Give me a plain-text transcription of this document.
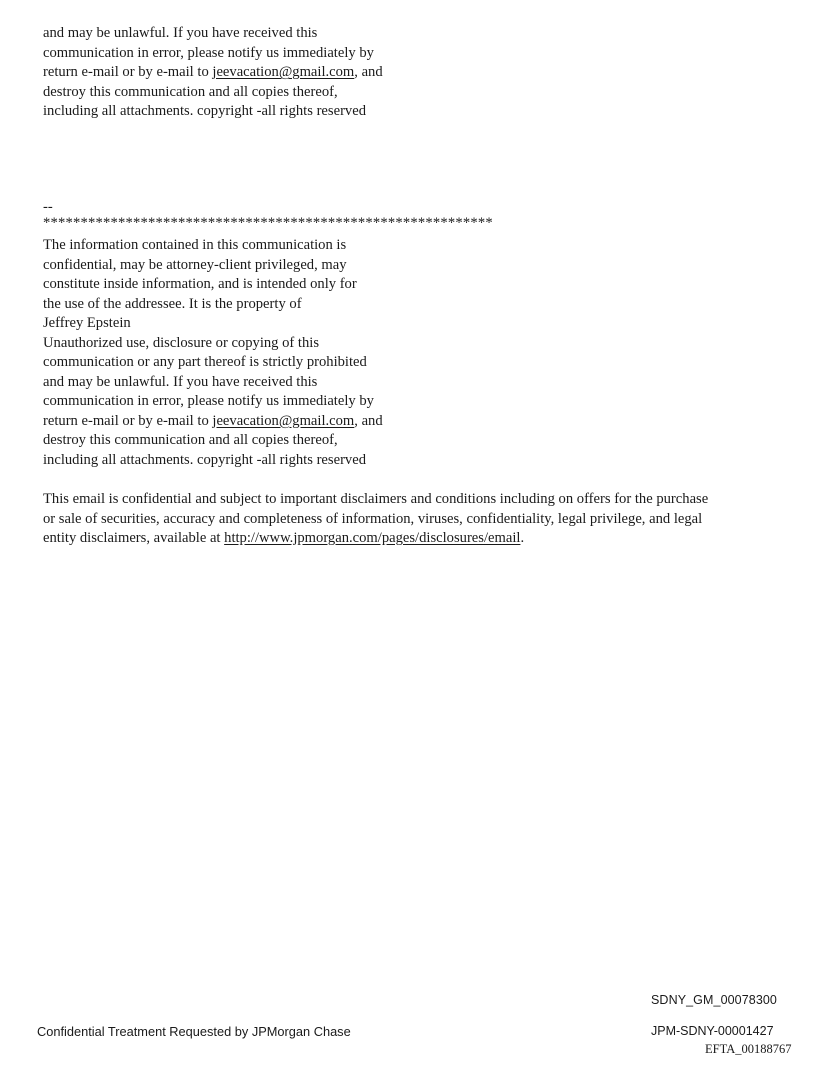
and may be unlawful. If you have received this
communication in error, please notify us immediately by
return e-mail or by e-mail to jeevacation@gmail.com, and
destroy this communication and all copies thereof,
including all attachments. copyright -all rights reserved
--
************************************************************
The information contained in this communication is
confidential, may be attorney-client privileged, may
constitute inside information, and is intended only for
the use of the addressee. It is the property of
Jeffrey Epstein
Unauthorized use, disclosure or copying of this
communication or any part thereof is strictly prohibited
and may be unlawful. If you have received this
communication in error, please notify us immediately by
return e-mail or by e-mail to jeevacation@gmail.com, and
destroy this communication and all copies thereof,
including all attachments. copyright -all rights reserved
This email is confidential and subject to important disclaimers and conditions including on offers for the purchase
or sale of securities, accuracy and completeness of information, viruses, confidentiality, legal privilege, and legal
entity disclaimers, available at http://www.jpmorgan.com/pages/disclosures/email.
SDNY_GM_00078300
Confidential Treatment Requested by JPMorgan Chase	JPM-SDNY-00001427
EFTA_00188767
